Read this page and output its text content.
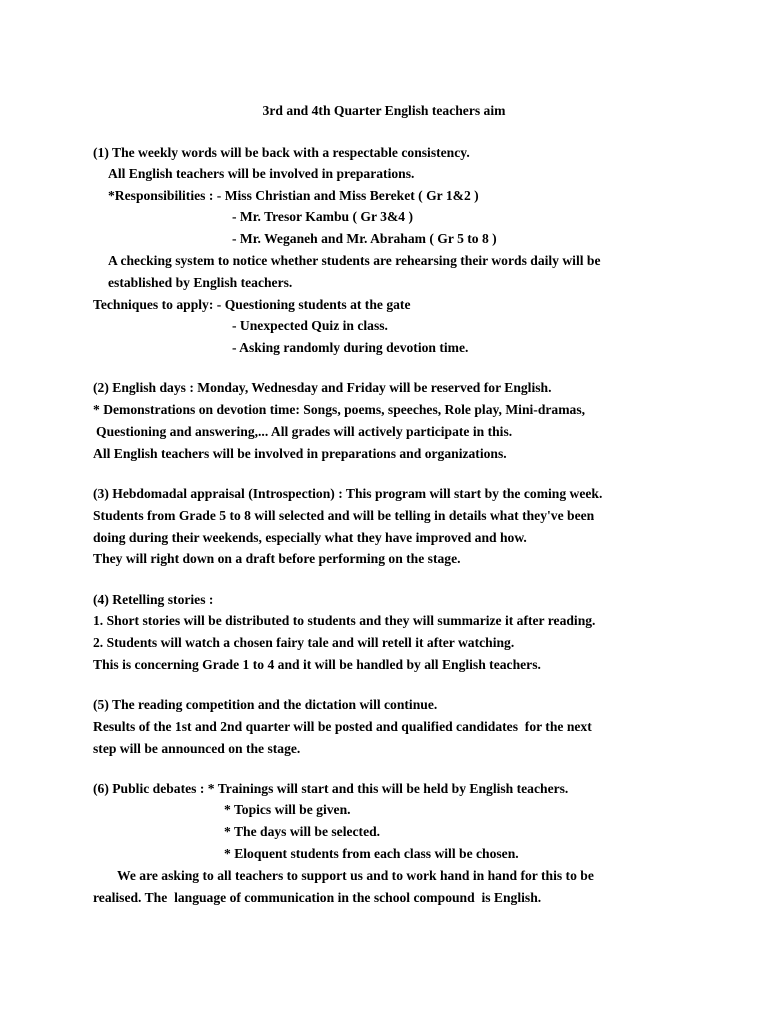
3rd and 4th Quarter English teachers aim
(1) The weekly words will be back with a respectable consistency.
All English teachers will be involved in preparations.
*Responsibilities : - Miss Christian and Miss Bereket ( Gr 1&2 )
- Mr. Tresor Kambu ( Gr 3&4 )
- Mr. Weganeh and Mr. Abraham ( Gr 5 to 8 )
A checking system to notice whether students are rehearsing their words daily will be
established by English teachers.
Techniques to apply: - Questioning students at the gate
- Unexpected Quiz in class.
- Asking randomly during devotion time.
(2) English days : Monday, Wednesday and Friday will be reserved for English.
* Demonstrations on devotion time: Songs, poems, speeches, Role play, Mini-dramas,
Questioning and answering,... All grades will actively participate in this.
All English teachers will be involved in preparations and organizations.
(3) Hebdomadal appraisal (Introspection) : This program will start by the coming week.
Students from Grade 5 to 8 will selected and will be telling in details what they've been
doing during their weekends, especially what they have improved and how.
They will right down on a draft before performing on the stage.
(4) Retelling stories :
1. Short stories will be distributed to students and they will summarize it after reading.
2. Students will watch a chosen fairy tale and will retell it after watching.
This is concerning Grade 1 to 4 and it will be handled by all English teachers.
(5) The reading competition and the dictation will continue.
Results of the 1st and 2nd quarter will be posted and qualified candidates  for the next
step will be announced on the stage.
(6) Public debates : * Trainings will start and this will be held by English teachers.
* Topics will be given.
* The days will be selected.
* Eloquent students from each class will be chosen.
We are asking to all teachers to support us and to work hand in hand for this to be
realised. The  language of communication in the school compound  is English.
